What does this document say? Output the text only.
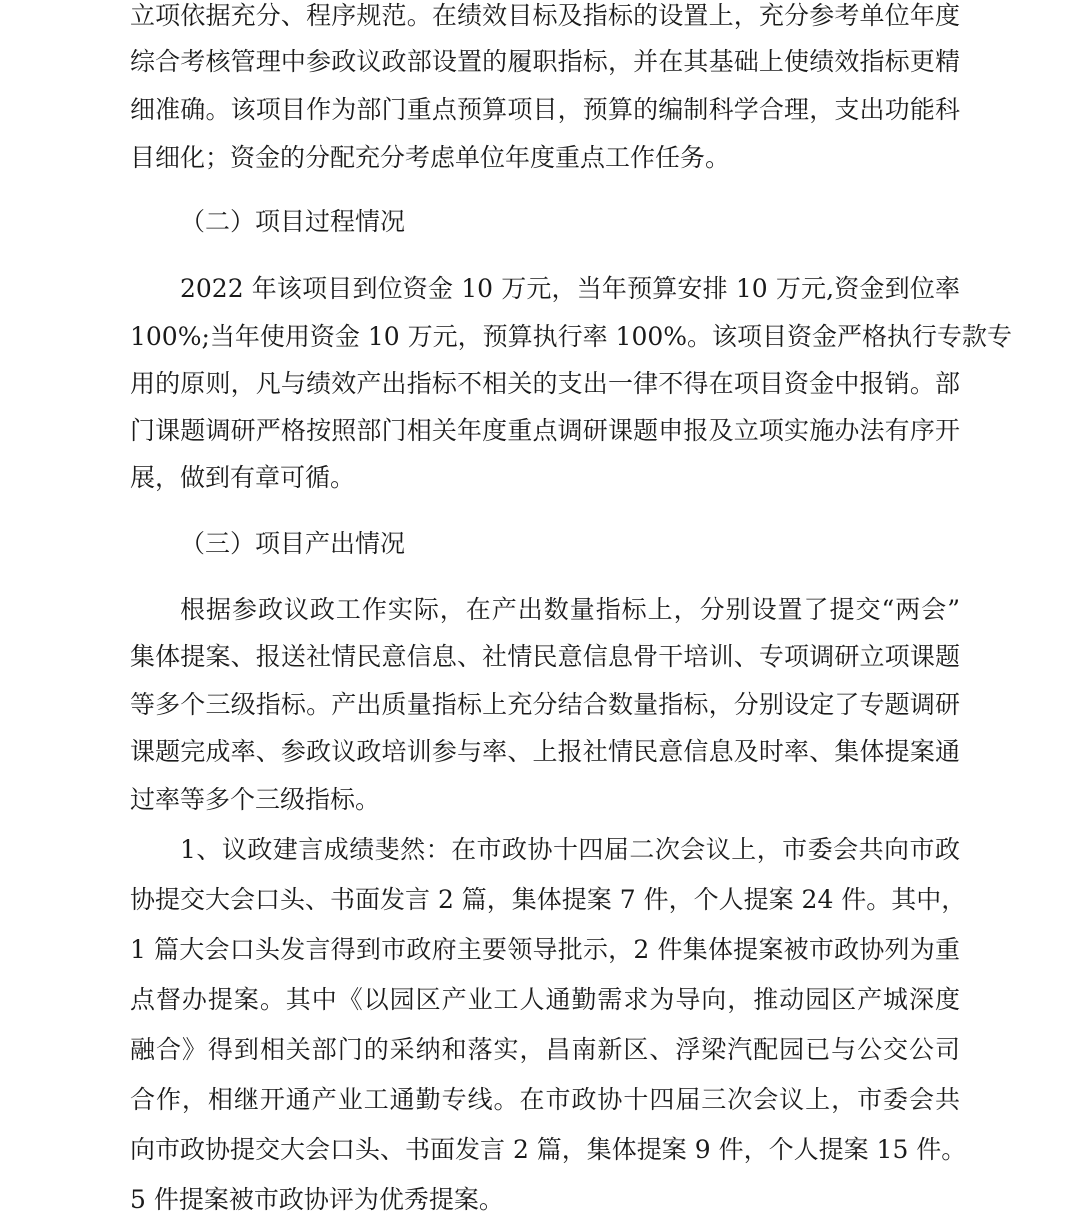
立项依据充分、程序规范。在绩效目标及指标的设置上，充分参考单位年度
综合考核管理中参政议政部设置的履职指标，并在其基础上使绩效指标更精
细准确。该项目作为部门重点预算项目，预算的编制科学合理，支出功能科
目细化；资金的分配充分考虑单位年度重点工作任务。
（二）项目过程情况
2022 年该项目到位资金 10 万元，当年预算安排 10 万元,资金到位率
100%;当年使用资金 10 万元，预算执行率 100%。该项目资金严格执行专款专
用的原则，凡与绩效产出指标不相关的支出一律不得在项目资金中报销。部
门课题调研严格按照部门相关年度重点调研课题申报及立项实施办法有序开
展，做到有章可循。
（三）项目产出情况
根据参政议政工作实际，在产出数量指标上，分别设置了提交“两会”
集体提案、报送社情民意信息、社情民意信息骨干培训、专项调研立项课题
等多个三级指标。产出质量指标上充分结合数量指标，分别设定了专题调研
课题完成率、参政议政培训参与率、上报社情民意信息及时率、集体提案通
过率等多个三级指标。
1、议政建言成绩斐然：在市政协十四届二次会议上，市委会共向市政
协提交大会口头、书面发言 2 篇，集体提案 7 件，个人提案 24 件。其中，
1 篇大会口头发言得到市政府主要领导批示，2 件集体提案被市政协列为重
点督办提案。其中《以园区产业工人通勤需求为导向，推动园区产城深度
融合》得到相关部门的采纳和落实，昌南新区、浮梁汽配园已与公交公司
合作，相继开通产业工通勤专线。在市政协十四届三次会议上，市委会共
向市政协提交大会口头、书面发言 2 篇，集体提案 9 件，个人提案 15 件。
5 件提案被市政协评为优秀提案。
